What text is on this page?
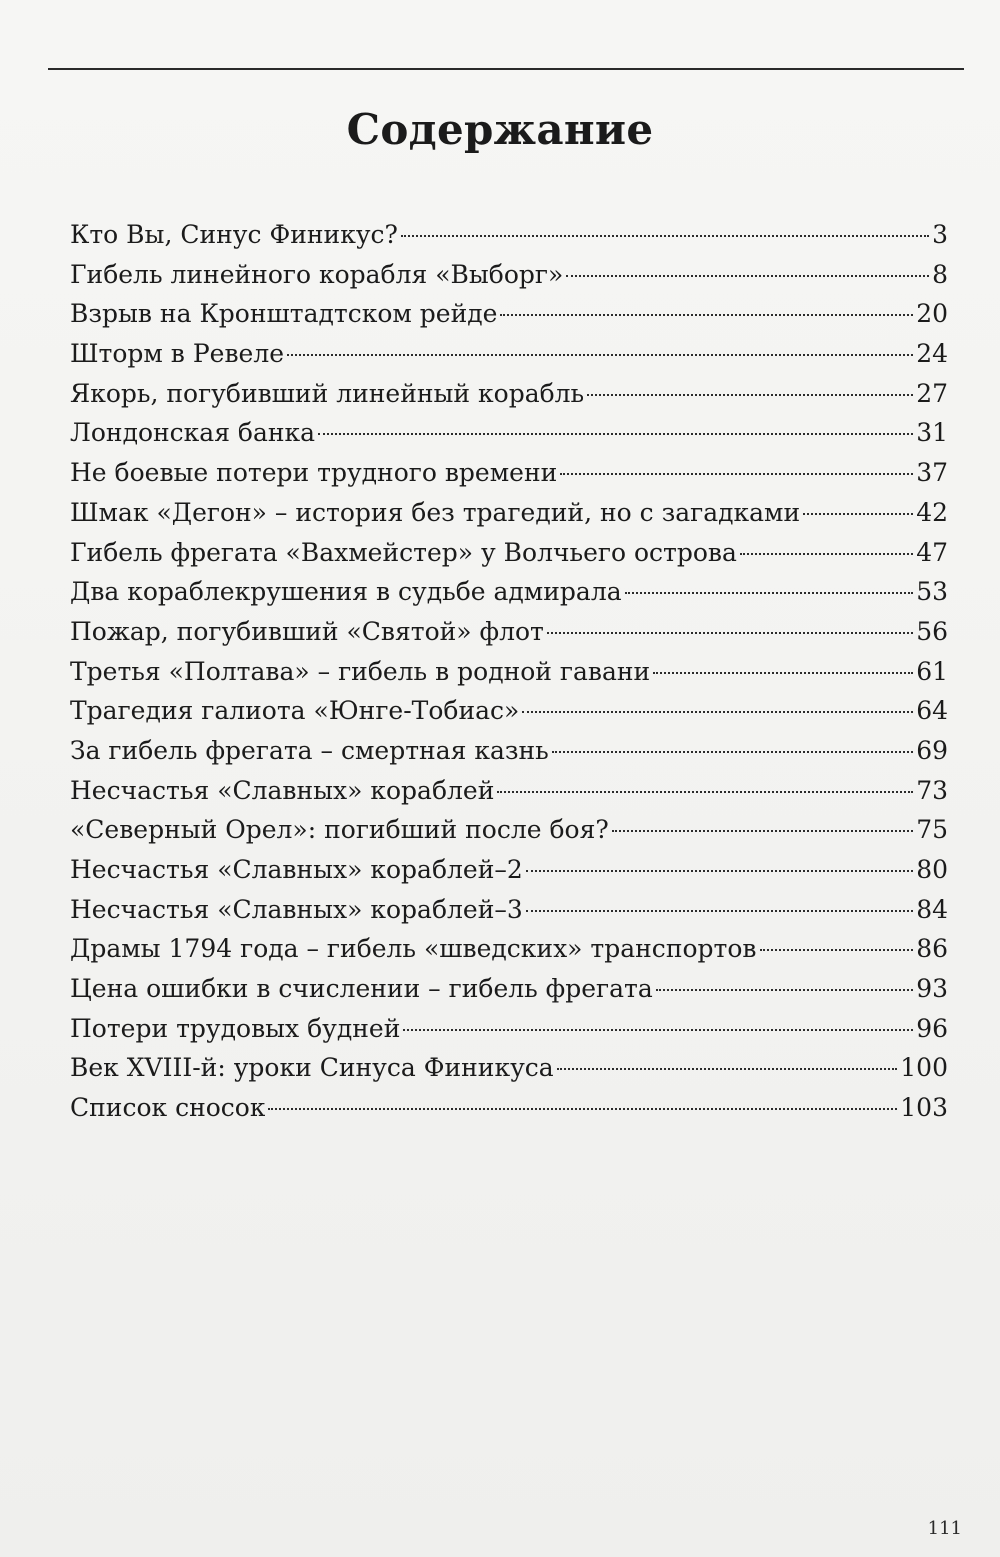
Содержание
Кто Вы, Синус Финикус?	3
Гибель линейного корабля «Выборг»	8
Взрыв на Кронштадтском рейде	20
Шторм в Ревеле	24
Якорь, погубивший линейный корабль	27
Лондонская банка	31
Не боевые потери трудного времени	37
Шмак «Дегон» – история без трагедий, но с загадками	42
Гибель фрегата «Вахмейстер» у Волчьего острова	47
Два кораблекрушения в судьбе адмирала	53
Пожар, погубивший «Святой» флот	56
Третья «Полтава» – гибель в родной гавани	61
Трагедия галиота «Юнге-Тобиас»	64
За гибель фрегата – смертная казнь	69
Несчастья «Славных» кораблей	73
«Северный Орел»: погибший после боя?	75
Несчастья «Славных» кораблей–2	80
Несчастья «Славных» кораблей–3	84
Драмы 1794 года – гибель «шведских» транспортов	86
Цена ошибки в счислении – гибель фрегата	93
Потери трудовых будней	96
Век XVIII-й: уроки Синуса Финикуса	100
Список сносок	103
111
